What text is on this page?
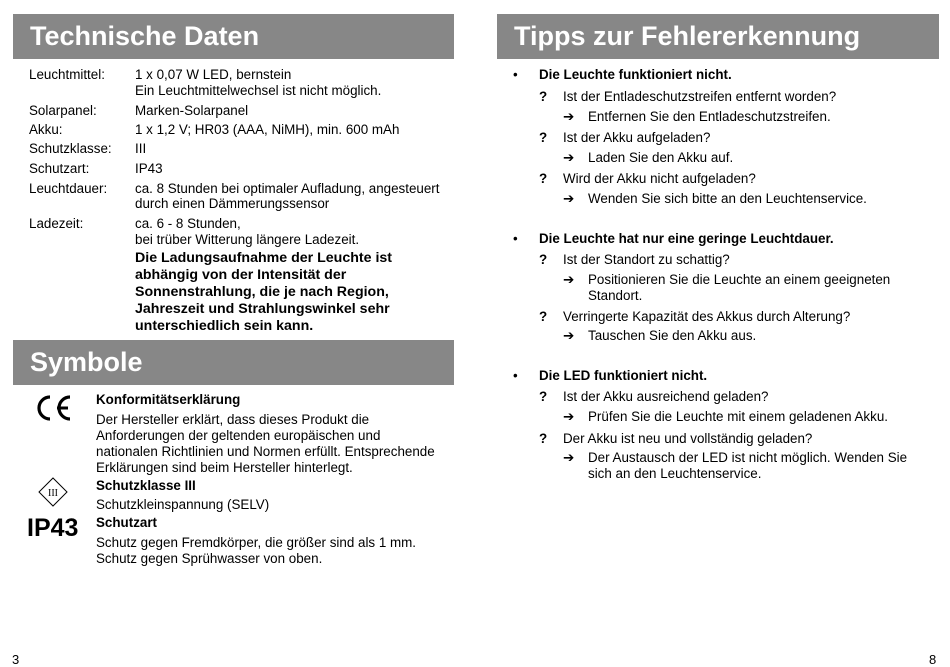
Technische Daten
Leuchtmittel: 1 x 0,07 W LED, bernstein
Ein Leuchtmittelwechsel ist nicht möglich.
Solarpanel:	Marken-Solarpanel
Akku:	1 x 1,2 V; HR03 (AAA, NiMH), min. 600 mAh
Schutzklasse: III
Schutzart:	IP43
Leuchtdauer: ca. 8 Stunden bei optimaler Aufladung, angesteuert
durch einen Dämmerungssensor
Ladezeit:	ca. 6 - 8 Stunden,
bei trüber Witterung längere Ladezeit.
Die Ladungsaufnahme der Leuchte ist abhängig von der Intensität der Sonnenstrahlung, die je nach Region, Jahreszeit und Strahlungswinkel sehr unterschiedlich sein kann.
Symbole
Konformitätserklärung
Der Hersteller erklärt, dass dieses Produkt die
Anforderungen der geltenden europäischen und
nationalen Richtlinien und Normen erfüllt. Entsprechende
Erklärungen sind beim Hersteller hinterlegt.
III
Schutzklasse III
Schutzkleinspannung (SELV)
IP43 Schutzart
Schutz gegen Fremdkörper, die größer sind als 1 mm.
Schutz gegen Sprühwasser von oben.
3
Tipps zur Fehlererkennung
• Die Leuchte funktioniert nicht.
? Ist der Entladeschutzstreifen entfernt worden?
➔ Entfernen Sie den Entladeschutzstreifen.
? Ist der Akku aufgeladen?
➔ Laden Sie den Akku auf.
? Wird der Akku nicht aufgeladen?
➔ Wenden Sie sich bitte an den Leuchtenservice.
• Die Leuchte hat nur eine geringe Leuchtdauer.
? Ist der Standort zu schattig?
➔ Positionieren Sie die Leuchte an einem geeigneten
Standort.
? Verringerte Kapazität des Akkus durch Alterung?
➔ Tauschen Sie den Akku aus.
• Die LED funktioniert nicht.
? Ist der Akku ausreichend geladen?
➔ Prüfen Sie die Leuchte mit einem geladenen Akku.
? Der Akku ist neu und vollständig geladen?
➔ Der Austausch der LED ist nicht möglich. Wenden Sie
sich an den Leuchtenservice.
8
